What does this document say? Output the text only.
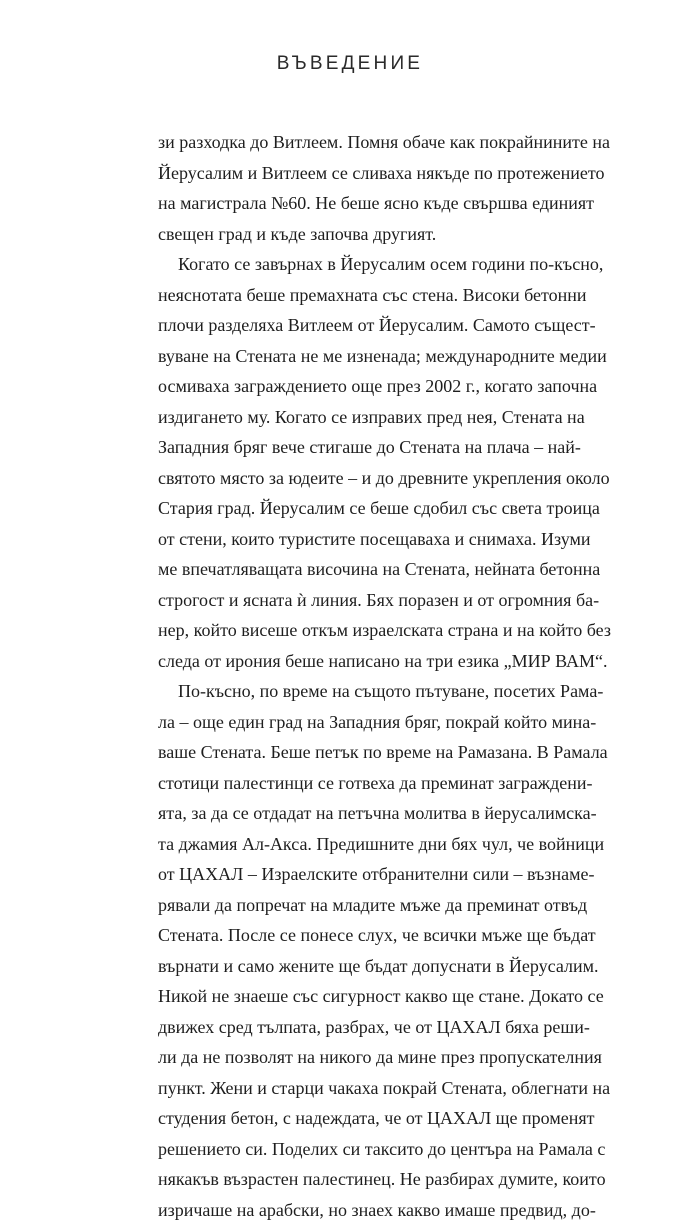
ВЪВЕДЕНИЕ
зи разходка до Витлеем. Помня обаче как покрайнините на
Йерусалим и Витлеем се сливаха някъде по протежението
на магистрала №60. Не беше ясно къде свършва единият
свещен град и къде започва другият.
Когато се завърнах в Йерусалим осем години по-късно,
неяснотата беше премахната със стена. Високи бетонни
плочи разделяха Витлеем от Йерусалим. Самото същест-
вуване на Стената не ме изненада; международните медии
осмиваха заграждението още през 2002 г., когато започна
издигането му. Когато се изправих пред нея, Стената на
Западния бряг вече стигаше до Стената на плача – най-
святото място за юдеите – и до древните укрепления около
Стария град. Йерусалим се беше сдобил със света троица
от стени, които туристите посещаваха и снимаха. Изуми
ме впечатляващата височина на Стената, нейната бетонна
строгост и ясната ѝ линия. Бях поразен и от огромния ба-
нер, който висеше откъм израелската страна и на който без
следа от ирония беше написано на три езика „МИР ВАМ“.
По-късно, по време на същото пътуване, посетих Рама-
ла – още един град на Западния бряг, покрай който мина-
ваше Стената. Беше петък по време на Рамазана. В Рамала
стотици палестинци се готвеха да преминат заграждени-
ята, за да се отдадат на петъчна молитва в йерусалимска-
та джамия Ал-Акса. Предишните дни бях чул, че войници
от ЦАХАЛ – Израелските отбранителни сили – възнаме-
рявали да попречат на младите мъже да преминат отвъд
Стената. После се понесе слух, че всички мъже ще бъдат
върнати и само жените ще бъдат допуснати в Йерусалим.
Никой не знаеше със сигурност какво ще стане. Докато се
движех сред тълпата, разбрах, че от ЦАХАЛ бяха реши-
ли да не позволят на никого да мине през пропускателния
пункт. Жени и старци чакаха покрай Стената, облегнати на
студения бетон, с надеждата, че от ЦАХАЛ ще променят
решението си. Поделих си таксито до центъра на Рамала с
някакъв възрастен палестинец. Не разбирах думите, които
изричаше на арабски, но знаех какво имаше предвид, до-
